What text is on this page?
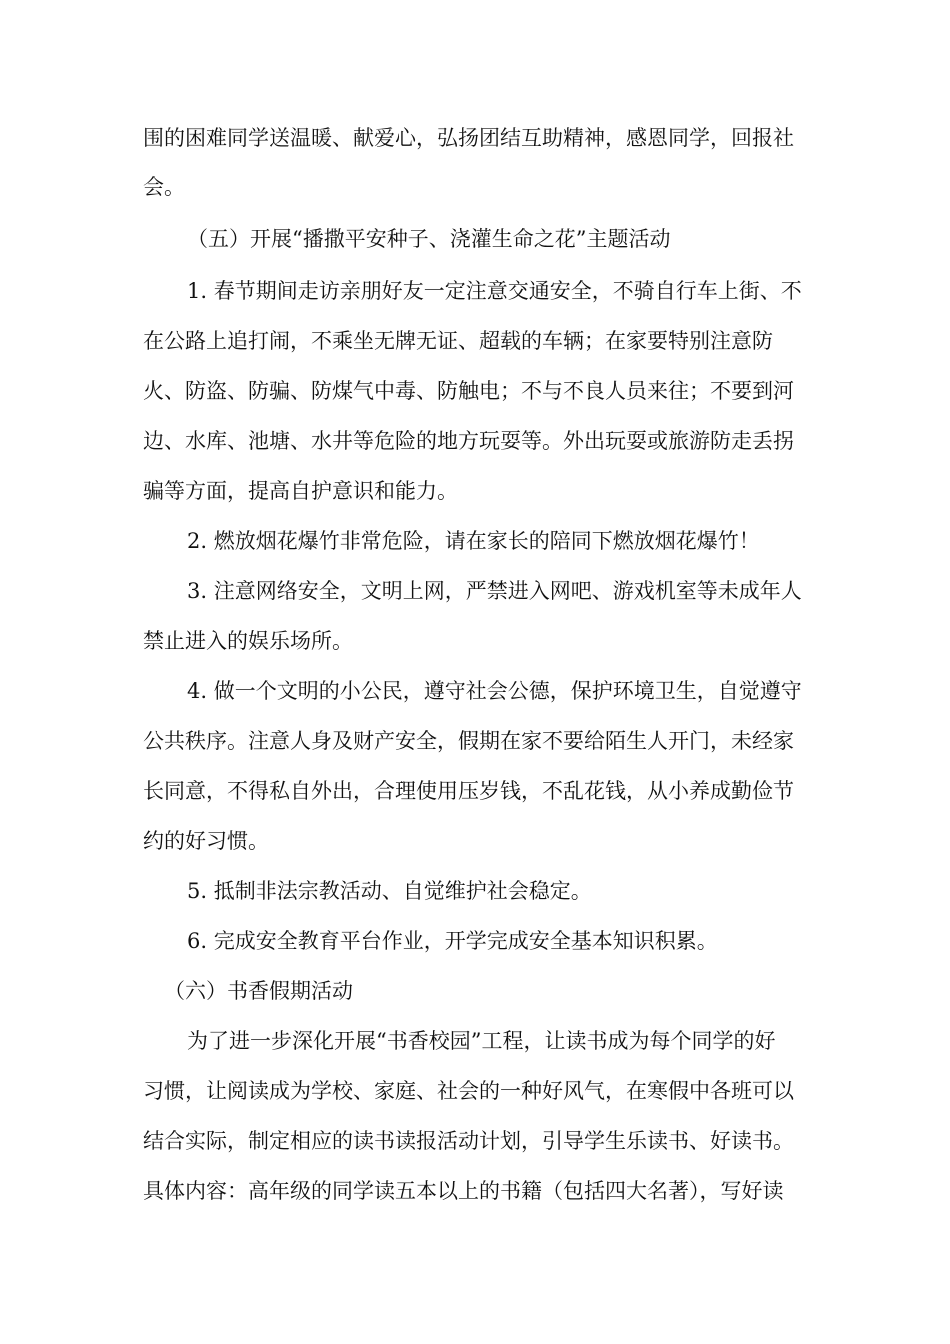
围的困难同学送温暖、献爱心，弘扬团结互助精神，感恩同学，回报社
会。
（五）开展“播撒平安种子、浇灌生命之花”主题活动
1. 春节期间走访亲朋好友一定注意交通安全，不骑自行车上街、不
在公路上追打闹，不乘坐无牌无证、超载的车辆；在家要特别注意防
火、防盗、防骗、防煤气中毒、防触电；不与不良人员来往；不要到河
边、水库、池塘、水井等危险的地方玩耍等。外出玩耍或旅游防走丢拐
骗等方面，提高自护意识和能力。
2. 燃放烟花爆竹非常危险，请在家长的陪同下燃放烟花爆竹！
3. 注意网络安全，文明上网，严禁进入网吧、游戏机室等未成年人
禁止进入的娱乐场所。
4. 做一个文明的小公民，遵守社会公德，保护环境卫生，自觉遵守
公共秩序。注意人身及财产安全，假期在家不要给陌生人开门，未经家
长同意，不得私自外出，合理使用压岁钱，不乱花钱，从小养成勤俭节
约的好习惯。
5. 抵制非法宗教活动、自觉维护社会稳定。
6. 完成安全教育平台作业，开学完成安全基本知识积累。
（六）书香假期活动
为了进一步深化开展“书香校园”工程，让读书成为每个同学的好
习惯，让阅读成为学校、家庭、社会的一种好风气，在寒假中各班可以
结合实际，制定相应的读书读报活动计划，引导学生乐读书、好读书。
具体内容：高年级的同学读五本以上的书籍（包括四大名著），写好读
